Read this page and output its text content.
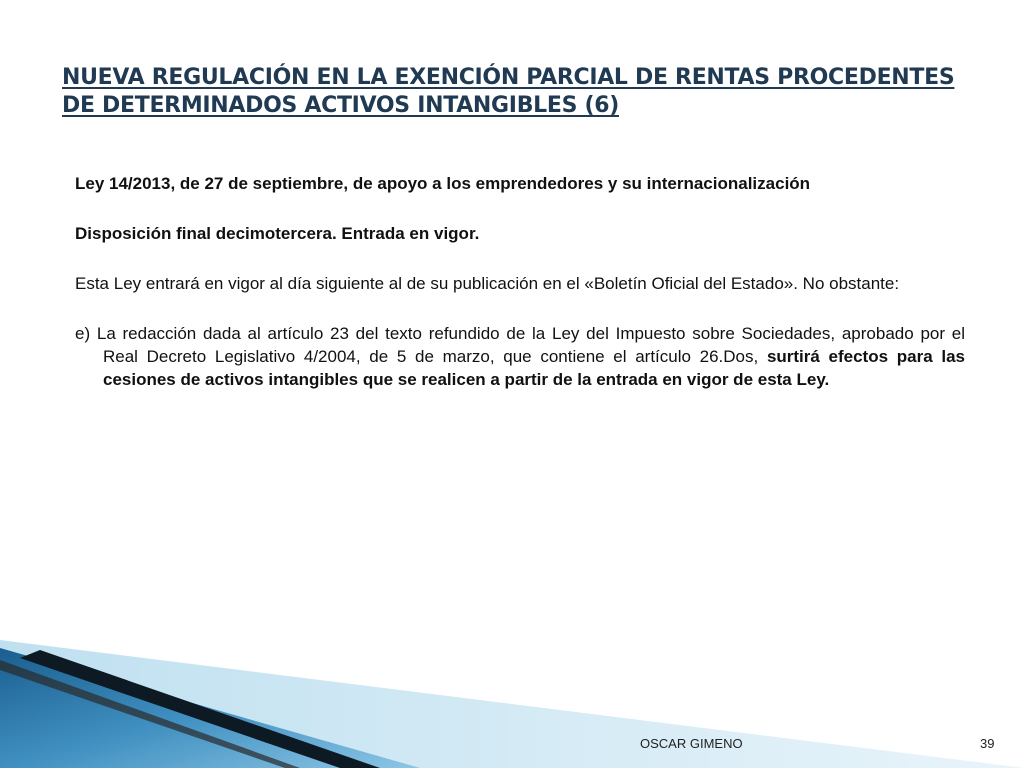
NUEVA REGULACIÓN EN LA EXENCIÓN PARCIAL DE RENTAS PROCEDENTES
DE DETERMINADOS ACTIVOS INTANGIBLES (6)

Ley 14/2013, de 27 de septiembre, de apoyo a los emprendedores y su internacionalización

Disposición final decimotercera. Entrada en vigor.

Esta Ley entrará en vigor al día siguiente al de su publicación en el «Boletín Oficial del Estado». No obstante:

e) La redacción dada al artículo 23 del texto refundido de la Ley del Impuesto sobre Sociedades, aprobado por el Real Decreto Legislativo 4/2004, de 5 de marzo, que contiene el artículo 26.Dos, surtirá efectos para las cesiones de activos intangibles que se realicen a partir de la entrada en vigor de esta Ley.

OSCAR GIMENO	39
